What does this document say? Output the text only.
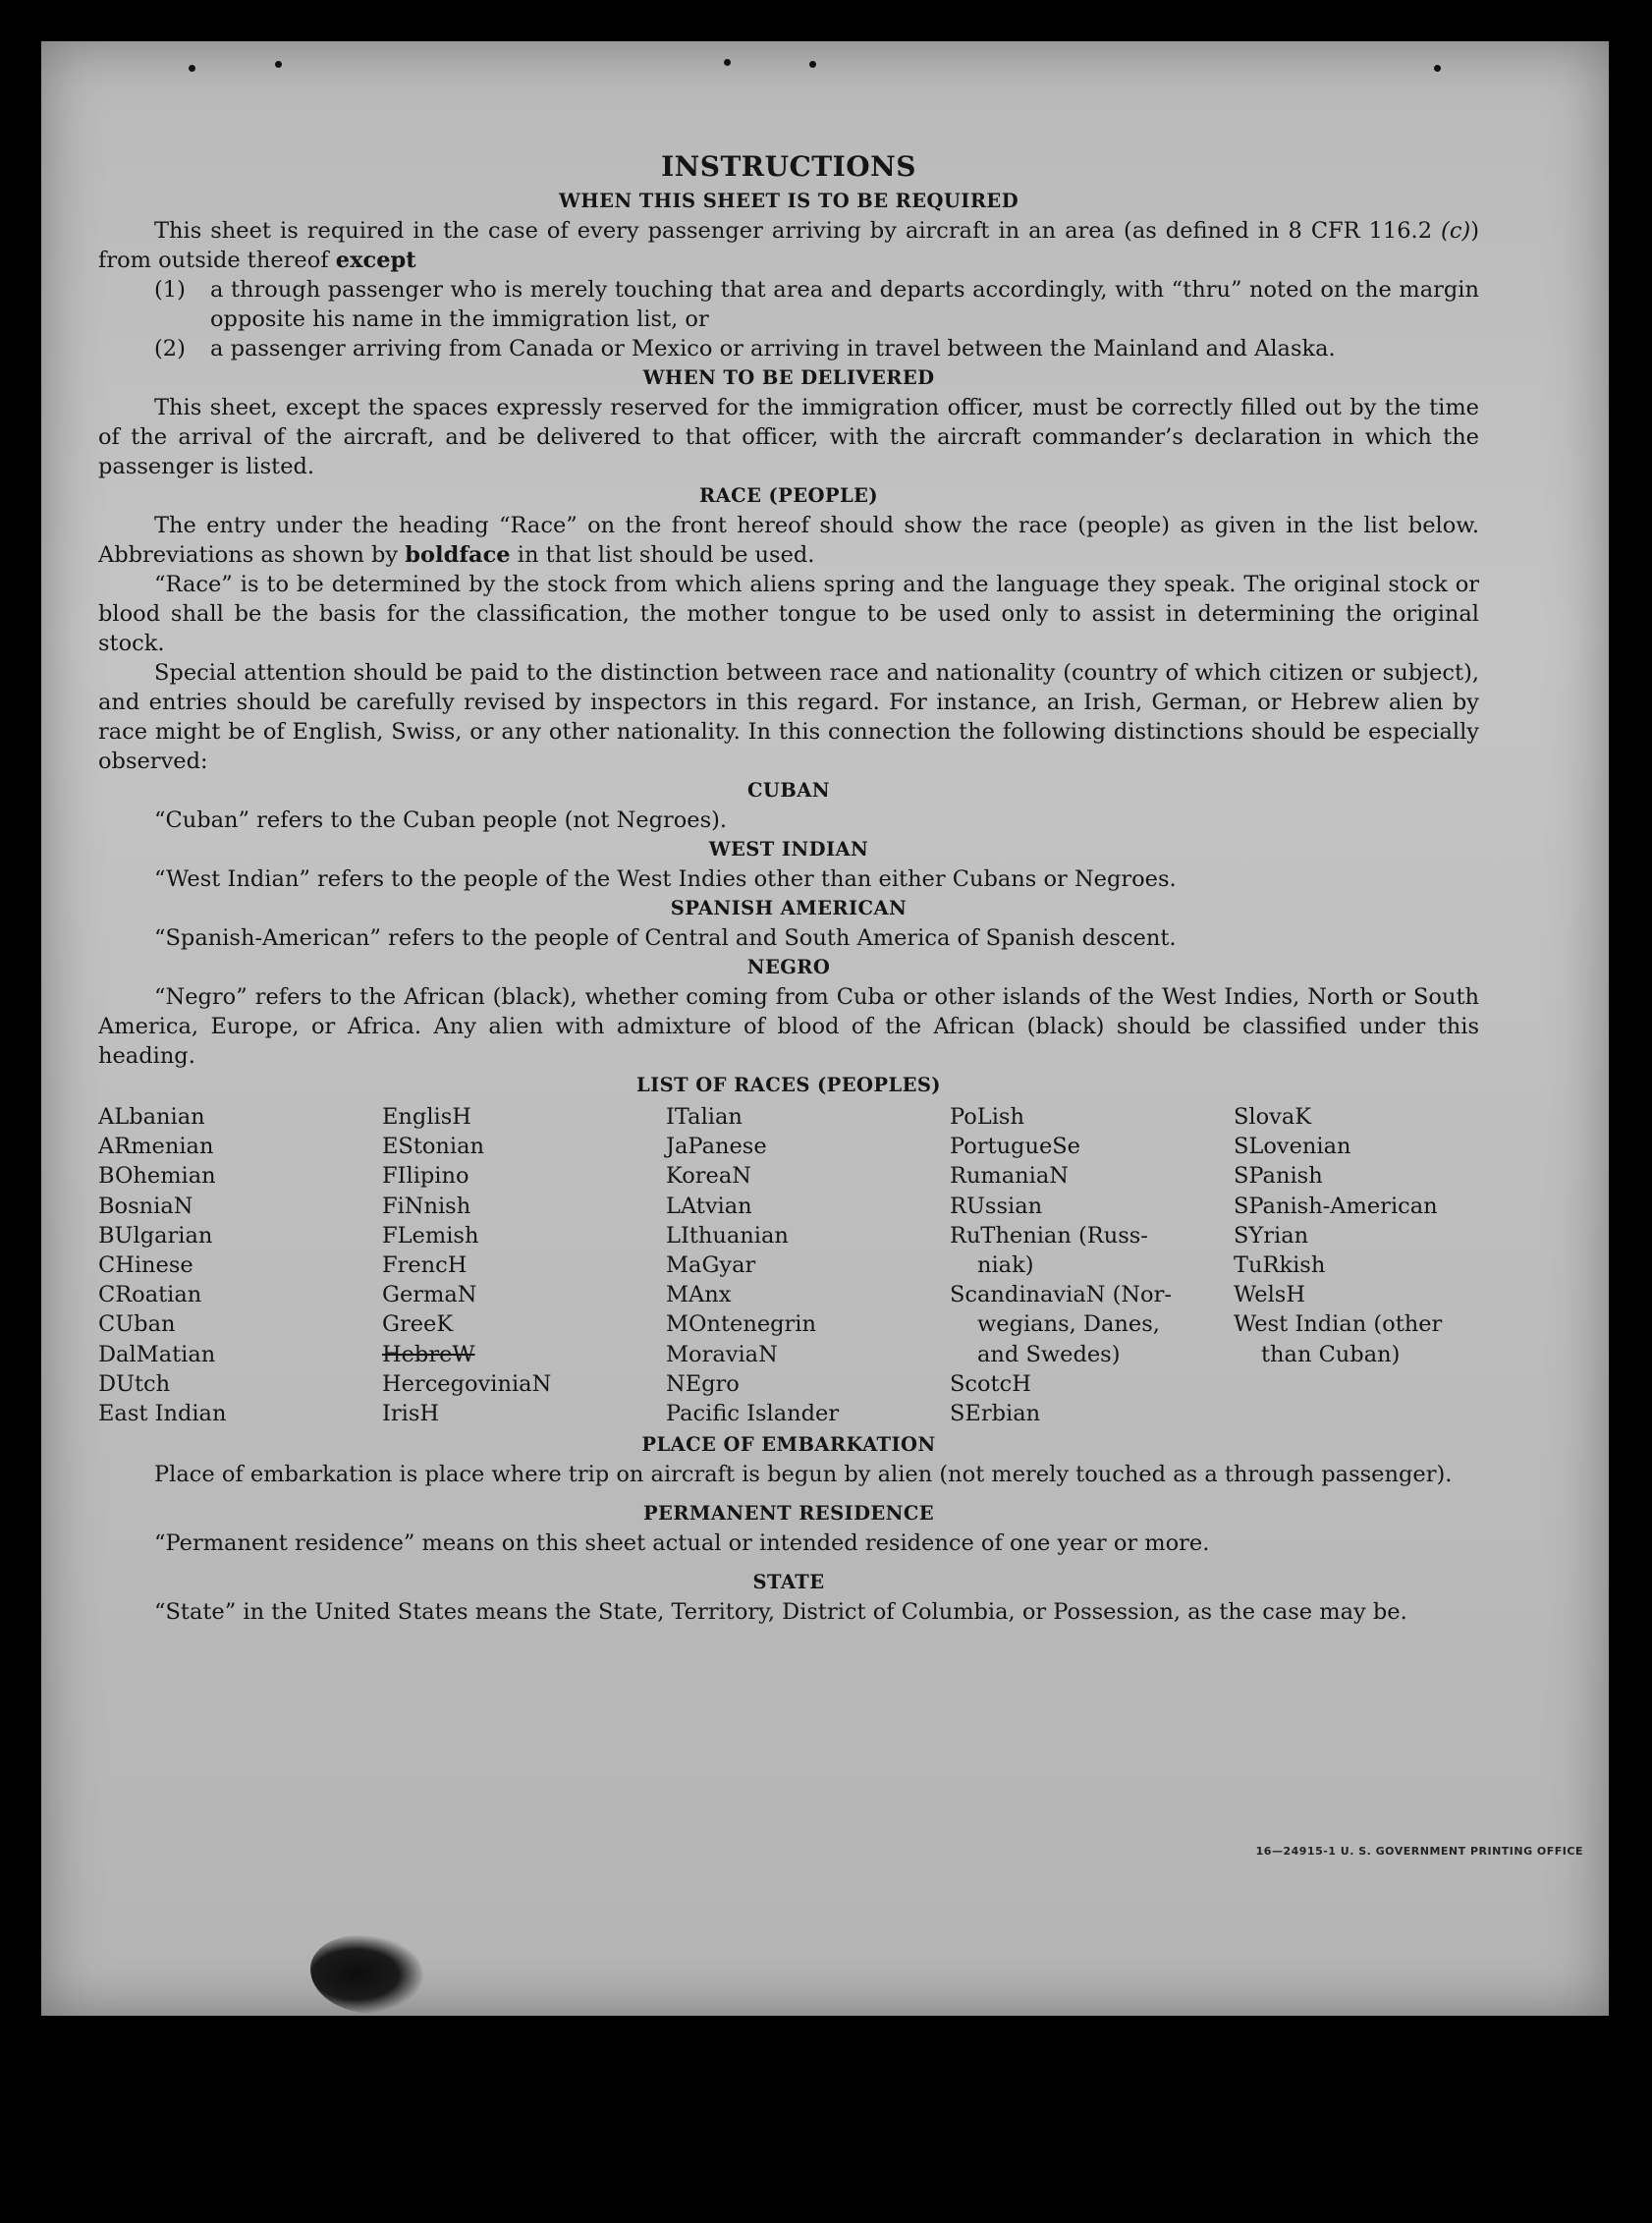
16—24915-1 U. S. GOVERNMENT PRINTING OFFICE
INSTRUCTIONS
WHEN THIS SHEET IS TO BE REQUIRED

This sheet is required in the case of every passenger arriving by aircraft in an area (as defined in 8 CFR 116.2 (c)) from outside thereof except

(1)	a through passenger who is merely touching that area and departs accordingly, with “thru” noted on the margin opposite his name in the immigration list, or
(2)	a passenger arriving from Canada or Mexico or arriving in travel between the Mainland and Alaska.
WHEN TO BE DELIVERED

This sheet, except the spaces expressly reserved for the immigration officer, must be correctly filled out by the time of the arrival of the aircraft, and be delivered to that officer, with the aircraft commander’s declaration in which the passenger is listed.

RACE (PEOPLE)

The entry under the heading “Race” on the front hereof should show the race (people) as given in the list below. Abbreviations as shown by boldface in that list should be used.

“Race” is to be determined by the stock from which aliens spring and the language they speak. The original stock or blood shall be the basis for the classification, the mother tongue to be used only to assist in determining the original stock.

Special attention should be paid to the distinction between race and nationality (country of which citizen or subject), and entries should be carefully revised by inspectors in this regard. For instance, an Irish, German, or Hebrew alien by race might be of English, Swiss, or any other nationality. In this connection the following distinctions should be especially observed:

CUBAN

“Cuban” refers to the Cuban people (not Negroes).

WEST INDIAN

“West Indian” refers to the people of the West Indies other than either Cubans or Negroes.

SPANISH AMERICAN

“Spanish-American” refers to the people of Central and South America of Spanish descent.

NEGRO

“Negro” refers to the African (black), whether coming from Cuba or other islands of the West Indies, North or South America, Europe, or Africa. Any alien with admixture of blood of the African (black) should be classified under this heading.

LIST OF RACES (PEOPLES)
ALbanian
ARmenian
BOhemian
BosniaN
BUlgarian
CHinese
CRoatian
CUban
DalMatian
DUtch
East Indian
EnglisH
EStonian
FIlipino
FiNnish
FLemish
FrencH
GermaN
GreeK
HebreW
HercegoviniaN
IrisH
ITalian
JaPanese
KoreaN
LAtvian
LIthuanian
MaGyar
MAnx
MOntenegrin
MoraviaN
NEgro
Pacific Islander
PoLish
PortugueSe
RumaniaN
RUssian
RuThenian (Russ-
niak)
ScandinaviaN (Nor-
wegians, Danes,
and Swedes)
ScotcH
SErbian
SlovaK
SLovenian
SPanish
SPanish-American
SYrian
TuRkish
WelsH
West Indian (other
than Cuban)
PLACE OF EMBARKATION

Place of embarkation is place where trip on aircraft is begun by alien (not merely touched as a through passenger).

PERMANENT RESIDENCE

“Permanent residence” means on this sheet actual or intended residence of one year or more.

STATE

“State” in the United States means the State, Territory, District of Columbia, or Possession, as the case may be.
